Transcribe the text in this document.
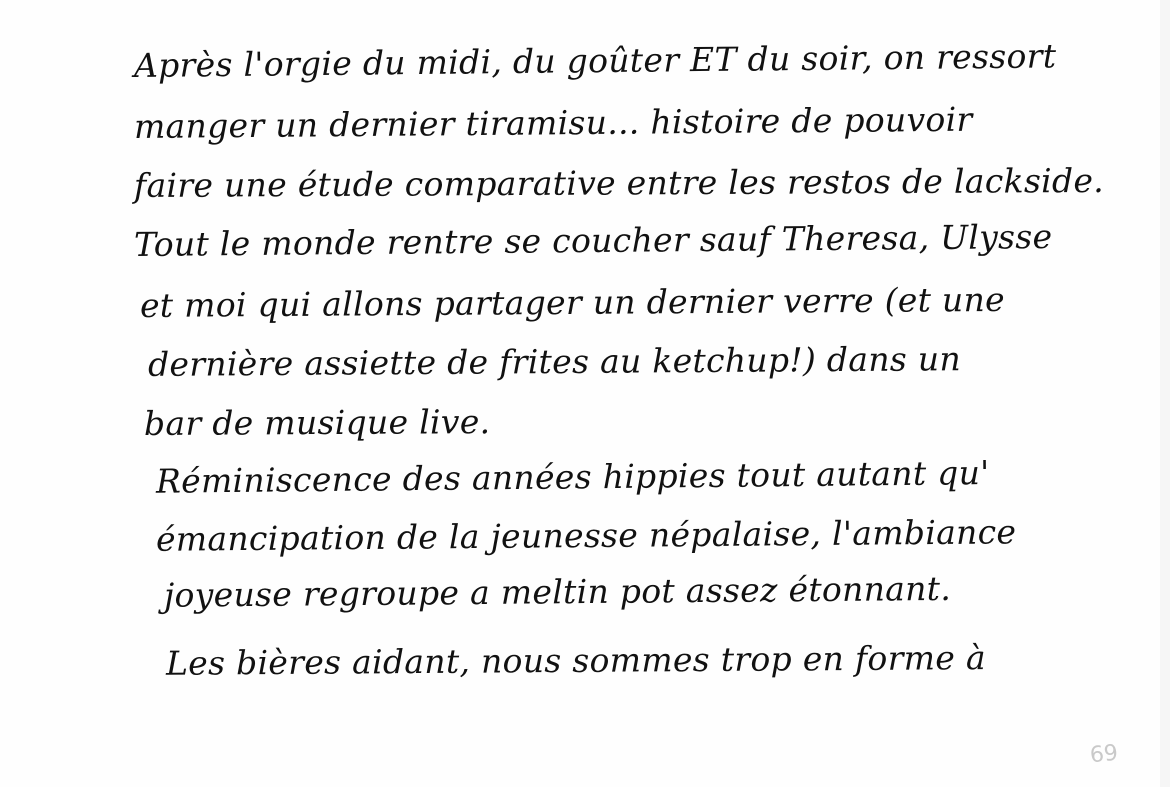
Après l'orgie du midi, du goûter ET du soir, on ressort
manger un dernier tiramisu... histoire de pouvoir
faire une étude comparative entre les restos de lackside.
Tout le monde rentre se coucher sauf Theresa, Ulysse
et moi qui allons partager un dernier verre (et une
dernière assiette de frites au ketchup!) dans un
bar de musique live.
Réminiscence des années hippies tout autant qu'
émancipation de la jeunesse népalaise, l'ambiance
joyeuse regroupe a meltin pot assez étonnant.
Les bières aidant, nous sommes trop en forme à
69
